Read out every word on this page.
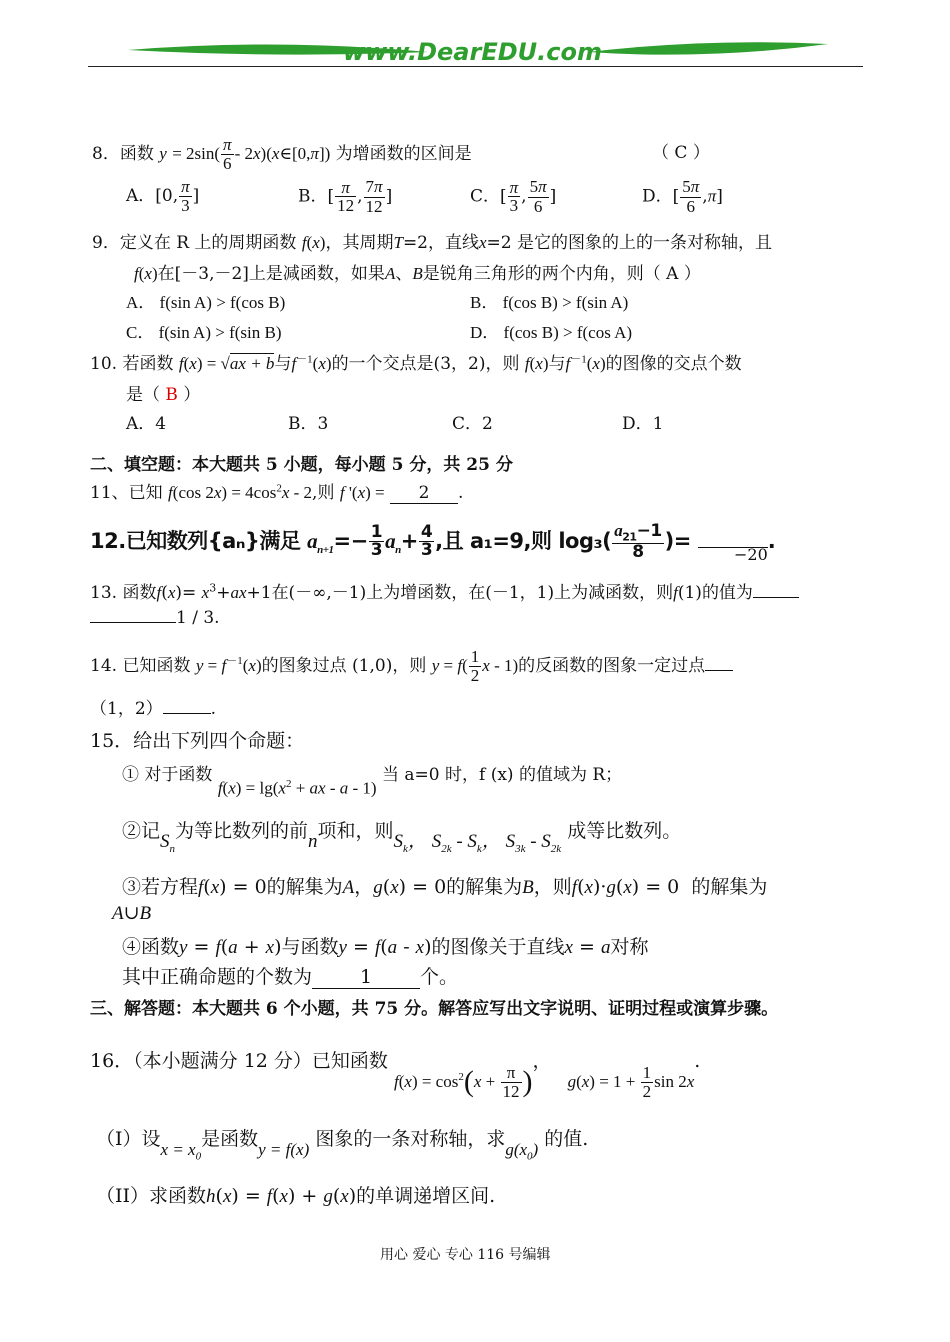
www.DearEDU.com
8．函数 $y = 2\sin( \frac{\pi}{6}$ - 2x)(x∈[0,π]) 为增函数的区间是	（ C ）
A．[0, $\frac{\pi}{3}$ ]	B．[ $\frac{\pi}{12}$ , $\frac{7\pi}{12}$ ]	C．[ $\frac{\pi}{3}$ , $\frac{5\pi}{6}$ ]	D．[ $\frac{5\pi}{6} ,\pi$]
9．定义在 R 上的周期函数 f(x)，其周期T=2，直线x=2 是它的图象的上的一条对称轴，且
f(x)在[－3,－2]上是减函数，如果A、B是锐角三角形的两个内角，则（ A ）
A． f(sin A) > f(cos B)	B． f(cos B) > f(sin A)
C． f(sin A) > f(sin B)	D． f(cos B) > f(cos A)
10. 若函数 f(x) = √ax + b与$f^{-1}(x)$的一个交点是(3，2)，则 f(x)与$f^{-1}(x)$的图像的交点个数
是（ B ）
A．4	B．3	C．2	D．1
二、填空题：本大题共 5 小题，每小题 5 分，共 25 分
11、已知 f(cos $2x) = 4\cos^2x - 2$,则 f '(x) = 2 .
12.已知数列{aₙ}满足 $a_{n+1}=- \frac{1}{3} a_n+ \frac{4}{3}$ ,且 a₁=9,则 $\log_3( \frac{a_{21}-1}{8}$ )=	.
−20
13. 函数$f(x)= x^3+ax+1$在(－∞,－1)上为增函数，在(－1，1)上为减函数，则f(1)的值为
1 / 3.
14. 已知函数 $y = f^{-1}(x)$的图象过点 (1,0)，则 $y = f( \frac{1}{2}$ x - 1)的反函数的图象一定过点
（1，2）	.
15．给出下列四个命题：
① 对于函数 $f(x) = \lg(x^2$ + ax - a - 1) 当 a=0 时，f (x) 的值域为 R；
②记$S_n$为等比数列的前n项和，则$S_k$， $S_{2k} - S_k$， $S_{3k} - S_{2k}$ 成等比数列。
③若方程f(x) = 0的解集为A，g(x) = 0的解集为B，则f(x)·g(x) = 0  的解集为
A∪B
④函数y = f(a + x)与函数y = f(a - x)的图像关于直线x = a对称
其中正确命题的个数为	1	个。
三、解答题：本大题共 6 个小题，共 75 分。解答应写出文字说明、证明过程或演算步骤。
16．（本小题满分 12 分）已知函数 $f(x) = \cos^2(x + \frac{\pi}{12}$ )， $g(x) = 1 + \frac{1}{2}$ sin 2x.
（I）设$x = x_0$是函数y = f(x) 图象的一条对称轴，求$g(x_0)$ 的值.
（II）求函数h(x) = f(x) + g(x)的单调递增区间.
用心 爱心 专心 116 号编辑
